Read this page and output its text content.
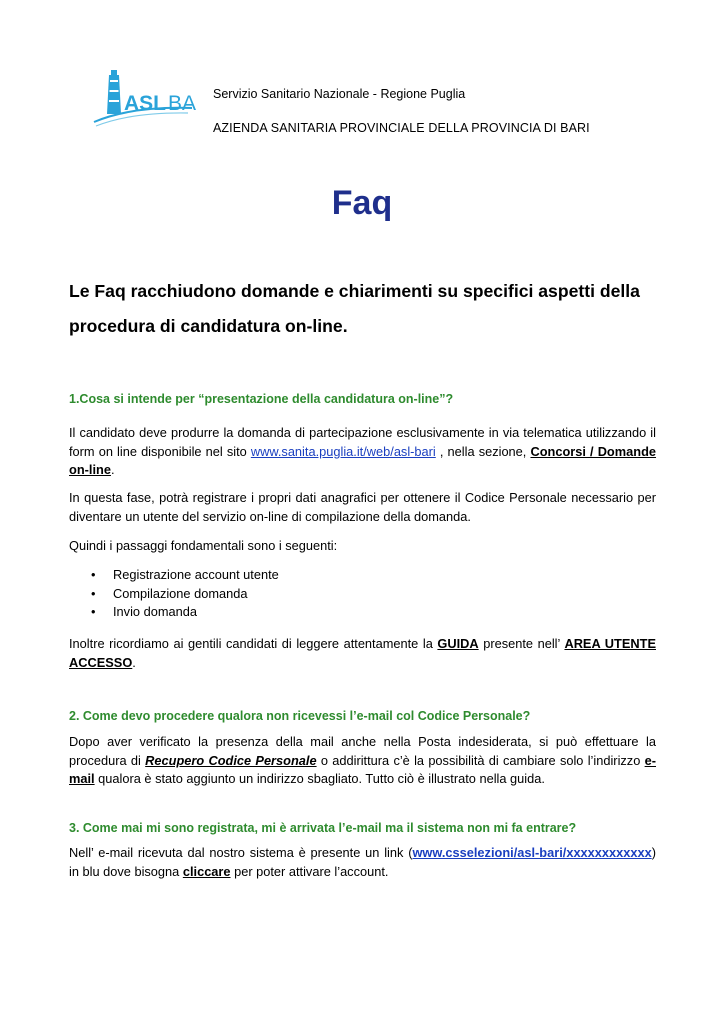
ASL BA Servizio Sanitario Nazionale - Regione Puglia
AZIENDA SANITARIA PROVINCIALE DELLA PROVINCIA DI BARI
Faq
Le Faq racchiudono domande e chiarimenti su specifici aspetti della procedura di candidatura on-line.
1.Cosa si intende per “presentazione della candidatura on-line”?
Il candidato deve produrre la domanda di partecipazione esclusivamente in via telematica utilizzando il form on line disponibile nel sito www.sanita.puglia.it/web/asl-bari , nella sezione, Concorsi / Domande on-line.
In questa fase, potrà registrare i propri dati anagrafici per ottenere il Codice Personale necessario per diventare un utente del servizio on-line di compilazione della domanda.
Quindi i passaggi fondamentali sono i seguenti:
• Registrazione account utente
• Compilazione domanda
• Invio domanda
Inoltre ricordiamo ai gentili candidati di leggere attentamente la GUIDA presente nell’ AREA UTENTE ACCESSO.
2. Come devo procedere qualora non ricevessi l’e-mail col Codice Personale?
Dopo aver verificato la presenza della mail anche nella Posta indesiderata, si può effettuare la procedura di Recupero Codice Personale o addirittura c’è la possibilità di cambiare solo l’indirizzo e-mail qualora è stato aggiunto un indirizzo sbagliato. Tutto ciò è illustrato nella guida.
3. Come mai mi sono registrata, mi è arrivata l’e-mail ma il sistema non mi fa entrare?
Nell’ e-mail ricevuta dal nostro sistema è presente un link (www.csselezioni/asl-bari/xxxxxxxxxxxx) in blu dove bisogna cliccare per poter attivare l’account.
